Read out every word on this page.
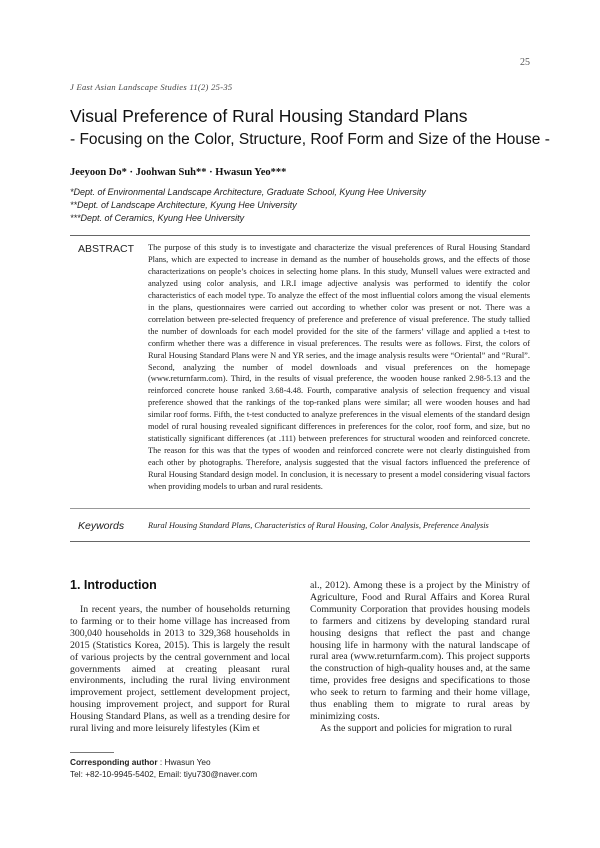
25
J East Asian Landscape Studies 11(2) 25-35
Visual Preference of Rural Housing Standard Plans
- Focusing on the Color, Structure, Roof Form and Size of the House -
Jeeyoon Do* · Joohwan Suh** · Hwasun Yeo***
*Dept. of Environmental Landscape Architecture, Graduate School, Kyung Hee University
**Dept. of Landscape Architecture, Kyung Hee University
***Dept. of Ceramics, Kyung Hee University
ABSTRACT The purpose of this study is to investigate and characterize the visual preferences of Rural Housing Standard Plans, which are expected to increase in demand as the number of households grows, and the effects of those characterizations on people’s choices in selecting home plans. In this study, Munsell values were extracted and analyzed using color analysis, and I.R.I image adjective analysis was performed to identify the color characteristics of each model type. To analyze the effect of the most influential colors among the visual elements in the plans, questionnaires were carried out according to whether color was present or not. There was a correlation between pre-selected frequency of preference and preference of visual preference. The study tallied the number of downloads for each model provided for the site of the farmers’ village and applied a t-test to confirm whether there was a difference in visual preferences. The results were as follows. First, the colors of Rural Housing Standard Plans were N and YR series, and the image analysis results were “Oriental” and “Rural”. Second, analyzing the number of model downloads and visual preferences on the homepage (www.returnfarm.com). Third, in the results of visual preference, the wooden house ranked 2.98-5.13 and the reinforced concrete house ranked 3.68-4.48. Fourth, comparative analysis of selection frequency and visual preference showed that the rankings of the top-ranked plans were similar; all were wooden houses and had similar roof forms. Fifth, the t-test conducted to analyze preferences in the visual elements of the standard design model of rural housing revealed significant differences in preferences for the color, roof form, and size, but no statistically significant differences (at .111) between preferences for structural wooden and reinforced concrete. The reason for this was that the types of wooden and reinforced concrete were not clearly distinguished from each other by photographs. Therefore, analysis suggested that the visual factors influenced the preference of Rural Housing Standard design model. In conclusion, it is necessary to present a model considering visual factors when providing models to urban and rural residents.
Keywords	Rural Housing Standard Plans, Characteristics of Rural Housing, Color Analysis, Preference Analysis
1. Introduction

In recent years, the number of households returning to farming or to their home village has increased from 300,040 households in 2013 to 329,368 households in 2015 (Statistics Korea, 2015). This is largely the result of various projects by the central government and local governments aimed at creating pleasant rural environments, including the rural living environment improvement project, settlement development project, housing improvement project, and support for Rural Housing Standard Plans, as well as a trending desire for rural living and more leisurely lifestyles (Kim et

al., 2012). Among these is a project by the Ministry of Agriculture, Food and Rural Affairs and Korea Rural Community Corporation that provides housing models to farmers and citizens by developing standard rural housing designs that reflect the past and change housing life in harmony with the natural landscape of rural area (www.returnfarm.com). This project supports the construction of high-quality houses and, at the same time, provides free designs and specifications to those who seek to return to farming and their home village, thus enabling them to migrate to rural areas by minimizing costs.

As the support and policies for migration to rural

Corresponding author : Hwasun Yeo
Tel: +82-10-9945-5402, Email: tiyu730@naver.com
